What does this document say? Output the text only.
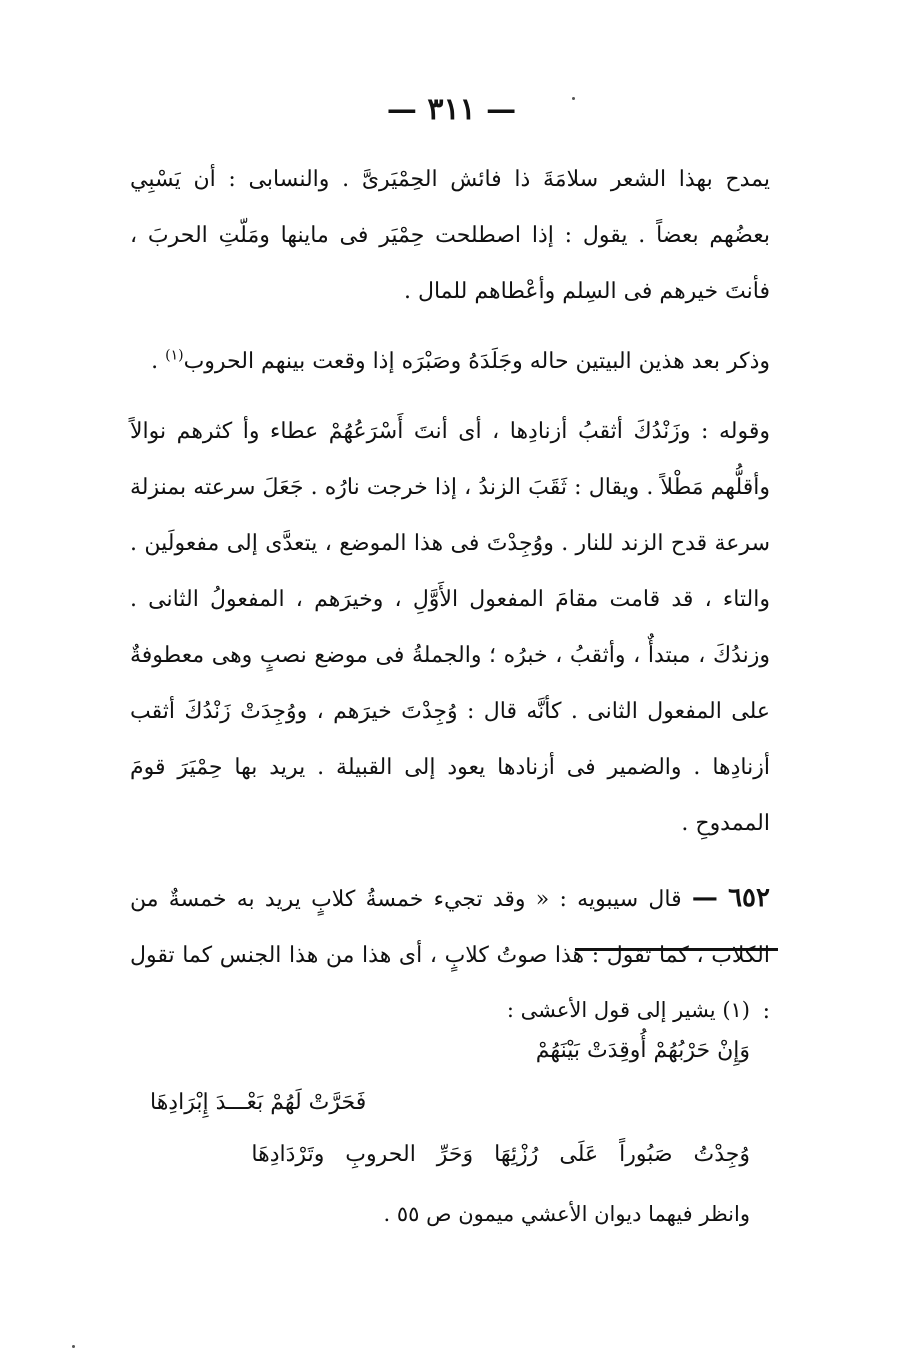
— ٣١١ —

يمدح بهذا الشعر سلامَةَ ذا فائش الحِمْيَرىَّ . والنسابى : أن يَسْبِي بعضُهم بعضاً . يقول : إذا اصطلحت حِمْيَر فى ماينها ومَلّتِ الحربَ ، فأنتَ خيرهم فى السِلم وأعْطاهم للمال .

وذكر بعد هذين البيتين حاله وجَلَدَهُ وصَبْرَه إذا وقعت بينهم الحروب$^{(١)}$ .

وقوله : وزَنْدُكَ أثقبُ أزنادِها ، أى أنتَ أَسْرَعُهُمْ عطاء وأ كثرهم نوالاً وأقلُّهم مَطْلاً . ويقال : ثَقَبَ الزندُ ، إذا خرجت نارُه . جَعَلَ سرعته بمنزلة سرعة قدح الزند للنار . ووُجِدْتَ فى هذا الموضع ، يتعدَّى إلى مفعولَين . والتاء ، قد قامت مقامَ المفعول الأَوَّلِ ، وخيرَهم ، المفعولُ الثانى . وزندُكَ ، مبتدأٌ ، وأثقبُ ، خبرُه ؛ والجملةُ فى موضع نصبٍ وهى معطوفةٌ على المفعول الثانى . كأنَّه قال : وُجِدْتَ خيرَهم ، ووُجِدَتْ زَنْدُكَ أثقب أزنادِها . والضمير فى أزنادها يعود إلى القبيلة . يريد بها حِمْيَرَ قومَ الممدوحِ .

٦٥٢ — قال سيبويه : « وقد تجيء خمسةُ كلابٍ يريد به خمسةٌ من الكلاب ، كما تقول : هذا صوتُ كلابٍ ، أى هذا من هذا الجنس كما تقول :

(١) يشير إلى قول الأعشى :
وَإِنْ حَرْبُهُمْ أُوقِدَتْ بَيْنَهُمْ
فَحَرَّتْ لَهُمْ بَعْـــدَ إِبْرَادِهَا
وُجِدْتُ صَبُوراً عَلَى رُزْئِهَا وَحَرِّ الحروبِ وتَرْدَادِهَا
وانظر فيهما ديوان الأعشي ميمون ص ٥٥ .
